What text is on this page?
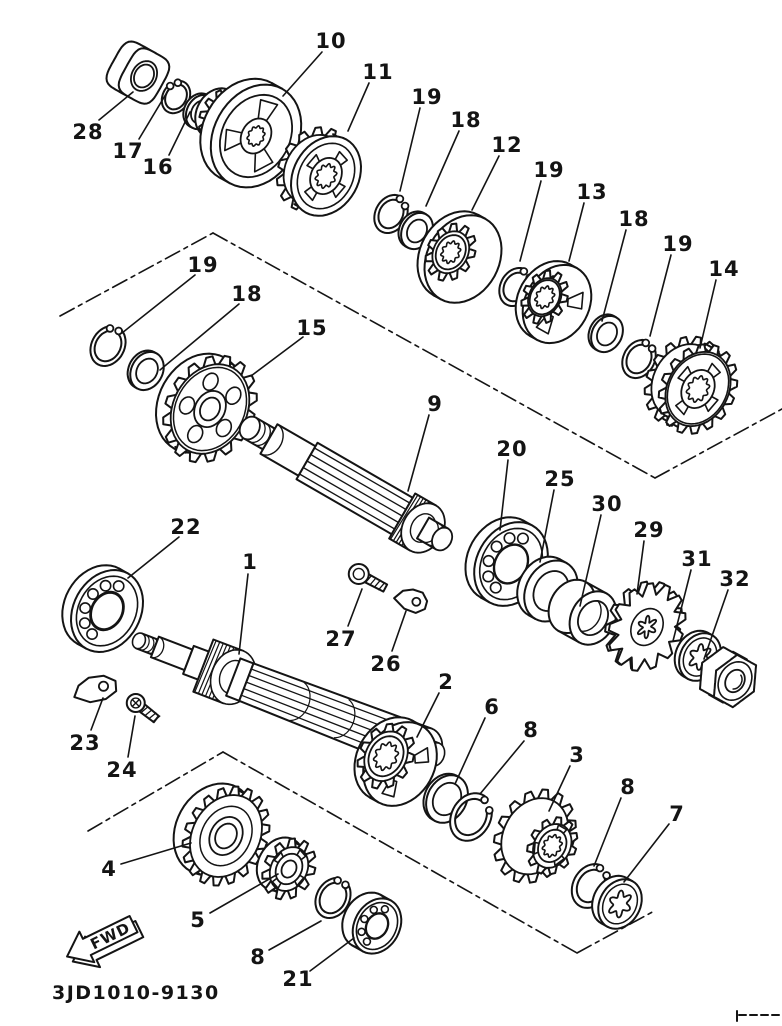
28
17
16
10
11
19
18
12
19
13
18
19
14
19
18
15
9
20
25
30
29
31
32
22
1
23
24
27
26
2
6
8
3
8
7
4
5
8
21
FWD
3JD1010-9130
